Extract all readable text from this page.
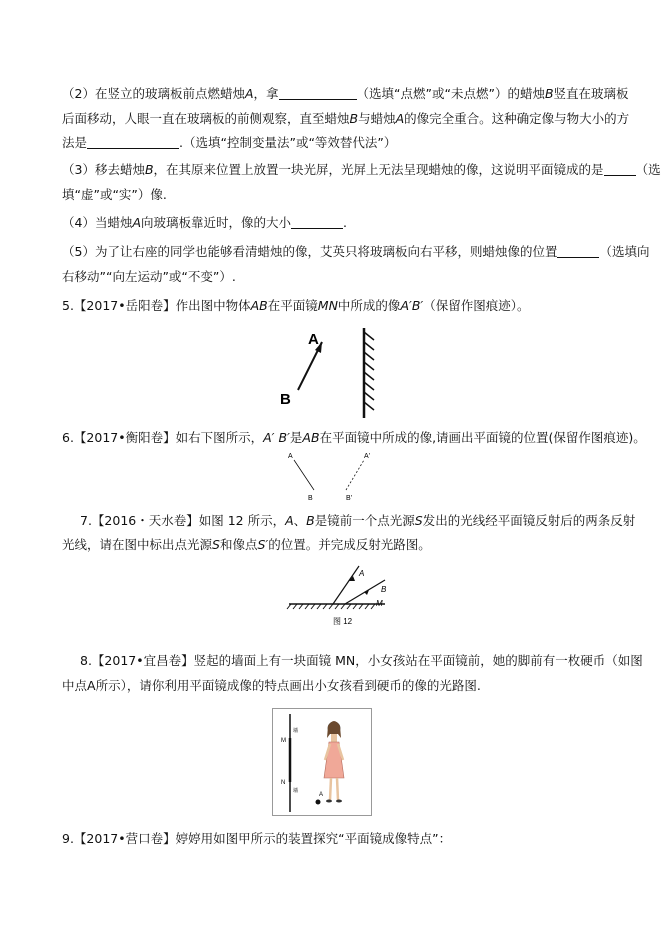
（2）在竖立的玻璃板前点燃蜡烛A，拿	（选填“点燃”或“未点燃”）的蜡烛B竖直在玻璃板
后面移动，人眼一直在玻璃板的前侧观察，直至蜡烛B与蜡烛A的像完全重合。这种确定像与物大小的方
法是	.（选填“控制变量法”或“等效替代法”）
（3）移去蜡烛B，在其原来位置上放置一块光屏，光屏上无法呈现蜡烛的像，这说明平面镜成的是	（选
填“虚”或“实”）像.
（4）当蜡烛A向玻璃板靠近时，像的大小	.
（5）为了让右座的同学也能够看清蜡烛的像，艾英只将玻璃板向右平移，则蜡烛像的位置	（选填向
右移动”“向左运动”或“不变”）.
5.【2017•岳阳卷】作出图中物体AB在平面镜MN中所成的像A′B′（保留作图痕迹）。
A
B
6.【2017•衡阳卷】如右下图所示，A′ B′是AB在平面镜中所成的像,请画出平面镜的位置(保留作图痕迹)。
A	A'
B	B'
7.【2016・天水卷】如图 12 所示，A、B是镜前一个点光源S发出的光线经平面镜反射后的两条反射
光线，请在图中标出点光源S和像点S′的位置。并完成反射光路图。
A
B
M
图 12
8.【2017•宜昌卷】竖起的墙面上有一块面镜 MN，小女孩站在平面镜前，她的脚前有一枚硬币（如图
中点A所示），请你利用平面镜成像的特点画出小女孩看到硬币的像的光路图.
M
N
墙
墙
A
9.【2017•营口卷】婷婷用如图甲所示的装置探究“平面镜成像特点”：
